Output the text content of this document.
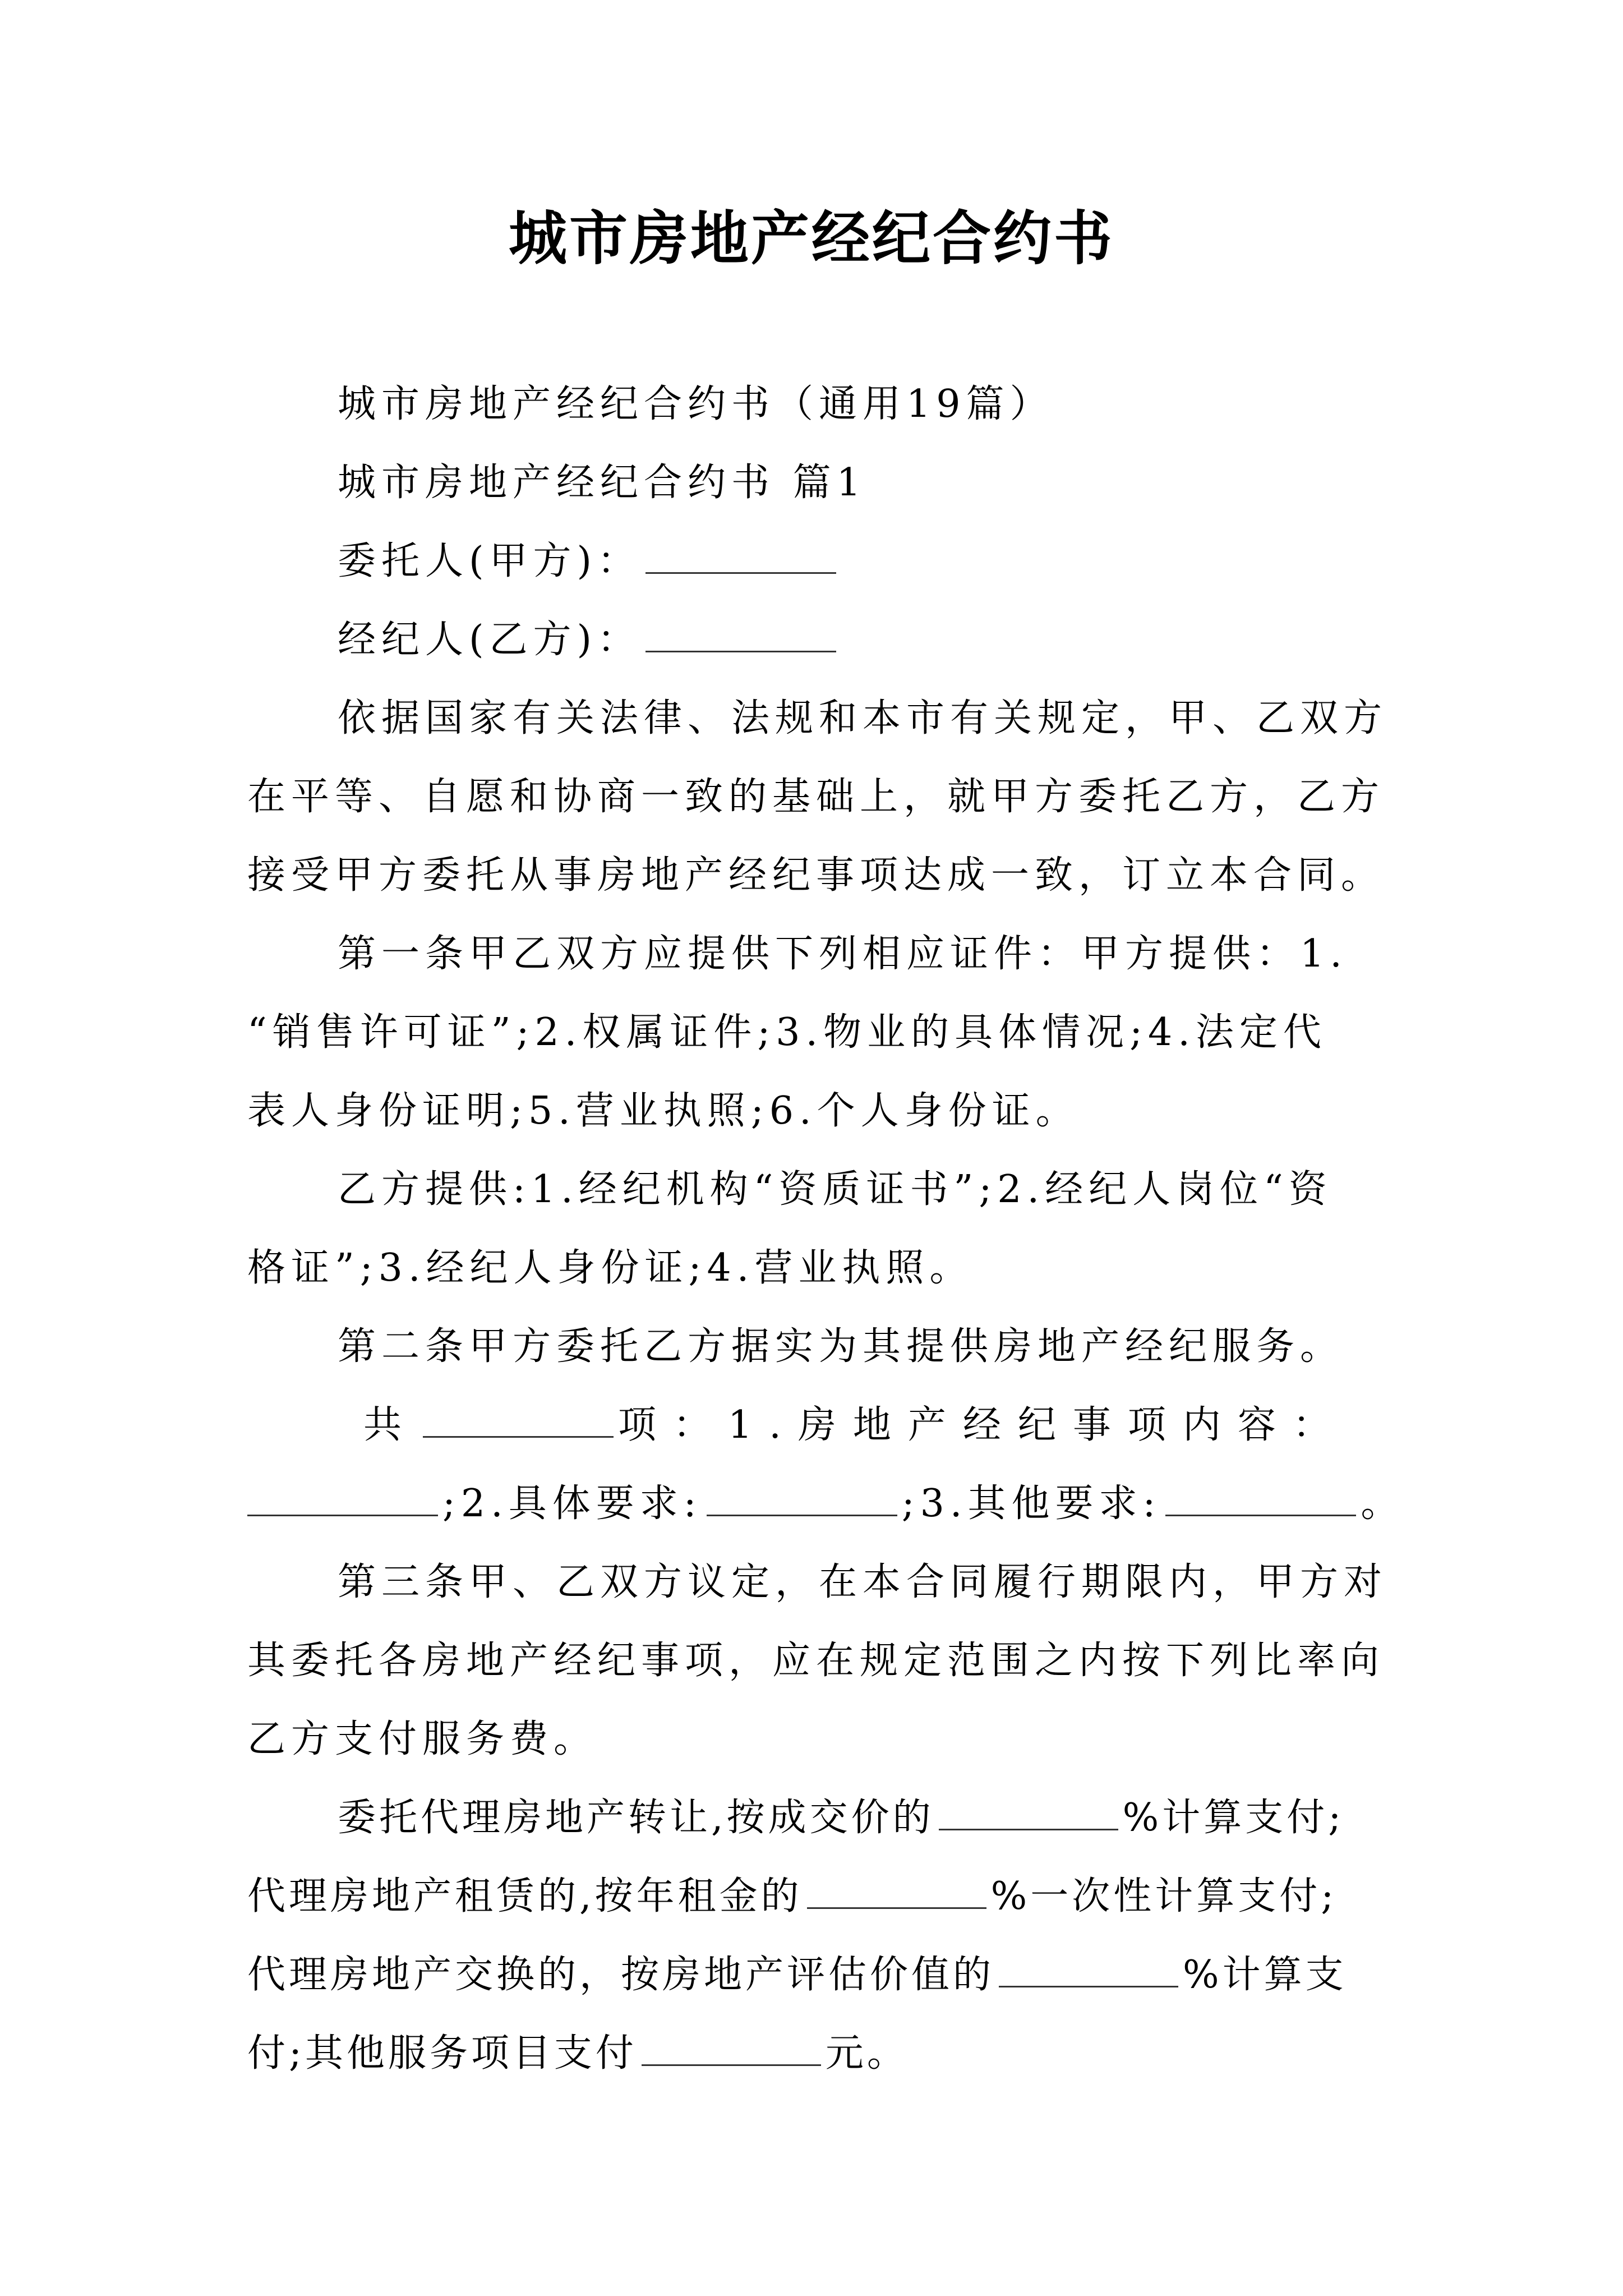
城市房地产经纪合约书
城市房地产经纪合约书（通用19篇）
城市房地产经纪合约书 篇1
委托人(甲方)：
经纪人(乙方)：
依据国家有关法律、法规和本市有关规定，甲、乙双方
在平等、自愿和协商一致的基础上，就甲方委托乙方，乙方
接受甲方委托从事房地产经纪事项达成一致，订立本合同。
第一条甲乙双方应提供下列相应证件：甲方提供：1.
“销售许可证”;2.权属证件;3.物业的具体情况;4.法定代
表人身份证明;5.营业执照;6.个人身份证。
乙方提供:1.经纪机构“资质证书”;2.经纪人岗位“资
格证”;3.经纪人身份证;4.营业执照。
第二条甲方委托乙方据实为其提供房地产经纪服务。
共	项：1.房地产经纪事项内容：
;2.具体要求:	;3.其他要求:	。
第三条甲、乙双方议定，在本合同履行期限内，甲方对
其委托各房地产经纪事项，应在规定范围之内按下列比率向
乙方支付服务费。
委托代理房地产转让,按成交价的	%计算支付;
代理房地产租赁的,按年租金的	%一次性计算支付;
代理房地产交换的，按房地产评估价值的	%计算支
付;其他服务项目支付	元。
